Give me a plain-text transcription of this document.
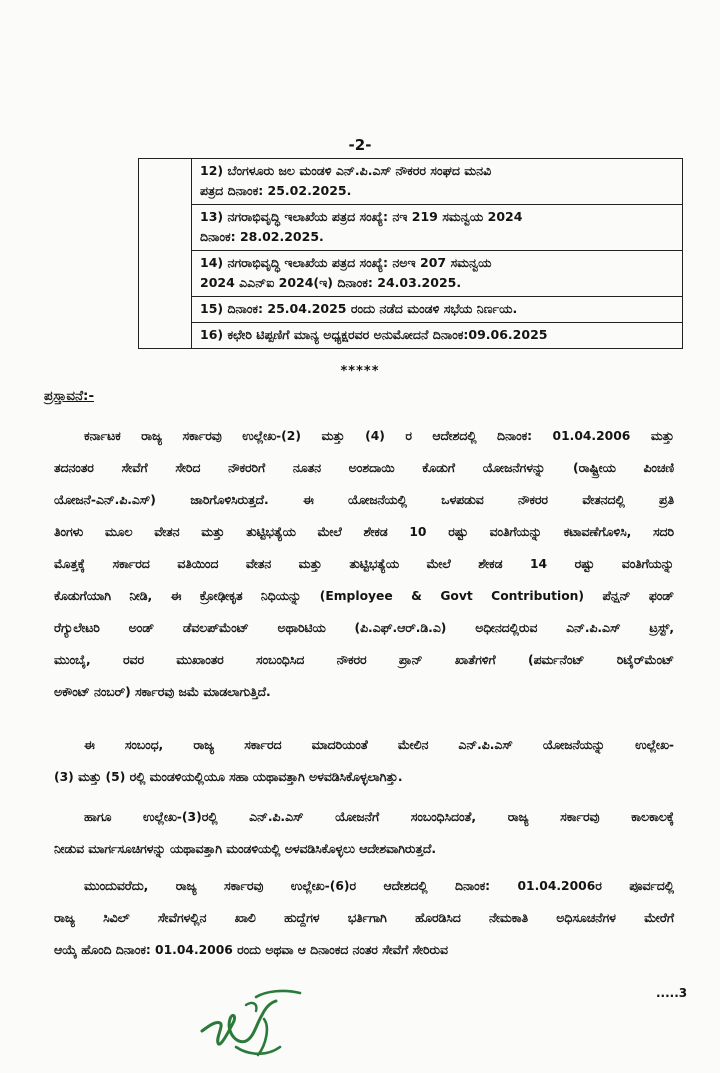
-2-

12) ಬೆಂಗಳೂರು ಜಲ ಮಂಡಳಿ ಎನ್.ಪಿ.ಎಸ್ ನೌಕರರ ಸಂಘದ ಮನವಿ
ಪತ್ರದ ದಿನಾಂಕ: 25.02.2025.

13) ನಗರಾಭಿವೃದ್ಧಿ ಇಲಾಖೆಯ ಪತ್ರದ ಸಂಖ್ಯೆ: ನಇ 219 ಸಮನ್ವಯ 2024
ದಿನಾಂಕ: 28.02.2025.

14) ನಗರಾಭಿವೃದ್ಧಿ ಇಲಾಖೆಯ ಪತ್ರದ ಸಂಖ್ಯೆ: ನಅಇ 207 ಸಮನ್ವಯ
2024 ಎಎನ್ಐ 2024(ಇ) ದಿನಾಂಕ: 24.03.2025.

15) ದಿನಾಂಕ: 25.04.2025 ರಂದು ನಡೆದ ಮಂಡಳಿ ಸಭೆಯ ನಿರ್ಣಯ.

16) ಕಛೇರಿ ಟಿಪ್ಪಣಿಗೆ ಮಾನ್ಯ ಅಧ್ಯಕ್ಷರವರ ಅನುಮೋದನೆ ದಿನಾಂಕ:09.06.2025
*****
ಪ್ರಸ್ತಾವನೆ:-
ಕರ್ನಾಟಕ ರಾಜ್ಯ ಸರ್ಕಾರವು ಉಲ್ಲೇಖ-(2) ಮತ್ತು (4) ರ ಆದೇಶದಲ್ಲಿ ದಿನಾಂಕ: 01.04.2006 ಮತ್ತು
ತದನಂತರ ಸೇವೆಗೆ ಸೇರಿದ ನೌಕರರಿಗೆ ನೂತನ ಅಂಶದಾಯಿ ಕೊಡುಗೆ ಯೋಜನೆಗಳನ್ನು (ರಾಷ್ಟ್ರೀಯ ಪಿಂಚಣಿ
ಯೋಜನೆ-ಎನ್.ಪಿ.ಎಸ್) ಜಾರಿಗೊಳಿಸಿರುತ್ತದೆ. ಈ ಯೋಜನೆಯಲ್ಲಿ ಒಳಪಡುವ ನೌಕರರ ವೇತನದಲ್ಲಿ ಪ್ರತಿ
ತಿಂಗಳು ಮೂಲ ವೇತನ ಮತ್ತು ತುಟ್ಟಿಭತ್ಯೆಯ ಮೇಲೆ ಶೇಕಡ 10 ರಷ್ಟು ವಂತಿಗೆಯನ್ನು ಕಟಾವಣೆಗೊಳಿಸಿ, ಸದರಿ
ಮೊತ್ತಕ್ಕೆ ಸರ್ಕಾರದ ವತಿಯಿಂದ ವೇತನ ಮತ್ತು ತುಟ್ಟಿಭತ್ಯೆಯ ಮೇಲೆ ಶೇಕಡ 14 ರಷ್ಟು ವಂತಿಗೆಯನ್ನು
ಕೊಡುಗೆಯಾಗಿ ನೀಡಿ, ಈ ಕ್ರೋಢೀಕೃತ ನಿಧಿಯನ್ನು (Employee & Govt Contribution) ಪೆನ್ಷನ್ ಫಂಡ್
ರೆಗ್ಯುಲೇಟರಿ ಅಂಡ್ ಡೆವಲಪ್‌ಮೆಂಟ್ ಅಥಾರಿಟಿಯ (ಪಿ.ಎಫ್.ಆರ್.ಡಿ.ಎ) ಅಧೀನದಲ್ಲಿರುವ ಎನ್.ಪಿ.ಎಸ್ ಟ್ರಸ್ಟ್,
ಮುಂಬೈ, ರವರ ಮುಖಾಂತರ ಸಂಬಂಧಿಸಿದ ನೌಕರರ ಪ್ರಾನ್ ಖಾತೆಗಳಿಗೆ (ಪರ್ಮನೆಂಟ್ ರಿಟೈರ್‌ಮೆಂಟ್
ಅಕೌಂಟ್ ನಂಬರ್) ಸರ್ಕಾರವು ಜಮೆ ಮಾಡಲಾಗುತ್ತಿದೆ.
ಈ ಸಂಬಂಧ, ರಾಜ್ಯ ಸರ್ಕಾರದ ಮಾದರಿಯಂತೆ ಮೇಲಿನ ಎನ್.ಪಿ.ಎಸ್ ಯೋಜನೆಯನ್ನು ಉಲ್ಲೇಖ-
(3) ಮತ್ತು (5) ರಲ್ಲಿ ಮಂಡಳಿಯಲ್ಲಿಯೂ ಸಹಾ ಯಥಾವತ್ತಾಗಿ ಅಳವಡಿಸಿಕೊಳ್ಳಲಾಗಿತ್ತು.
ಹಾಗೂ ಉಲ್ಲೇಖ-(3)ರಲ್ಲಿ ಎನ್.ಪಿ.ಎಸ್ ಯೋಜನೆಗೆ ಸಂಬಂಧಿಸಿದಂತೆ, ರಾಜ್ಯ ಸರ್ಕಾರವು ಕಾಲಕಾಲಕ್ಕೆ
ನೀಡುವ ಮಾರ್ಗಸೂಚಿಗಳನ್ನು ಯಥಾವತ್ತಾಗಿ ಮಂಡಳಿಯಲ್ಲಿ ಅಳವಡಿಸಿಕೊಳ್ಳಲು ಆದೇಶವಾಗಿರುತ್ತದೆ.
ಮುಂದುವರೆದು, ರಾಜ್ಯ ಸರ್ಕಾರವು ಉಲ್ಲೇಖ-(6)ರ ಆದೇಶದಲ್ಲಿ ದಿನಾಂಕ: 01.04.2006ರ ಪೂರ್ವದಲ್ಲಿ
ರಾಜ್ಯ ಸಿವಿಲ್ ಸೇವೆಗಳಲ್ಲಿನ ಖಾಲಿ ಹುದ್ದೆಗಳ ಭರ್ತಿಗಾಗಿ ಹೊರಡಿಸಿದ ನೇಮಕಾತಿ ಅಧಿಸೂಚನೆಗಳ ಮೇರೆಗೆ
ಆಯ್ಕೆ ಹೊಂದಿ ದಿನಾಂಕ: 01.04.2006 ರಂದು ಅಥವಾ ಆ ದಿನಾಂಕದ ನಂತರ ಸೇವೆಗೆ ಸೇರಿರುವ
.....3
